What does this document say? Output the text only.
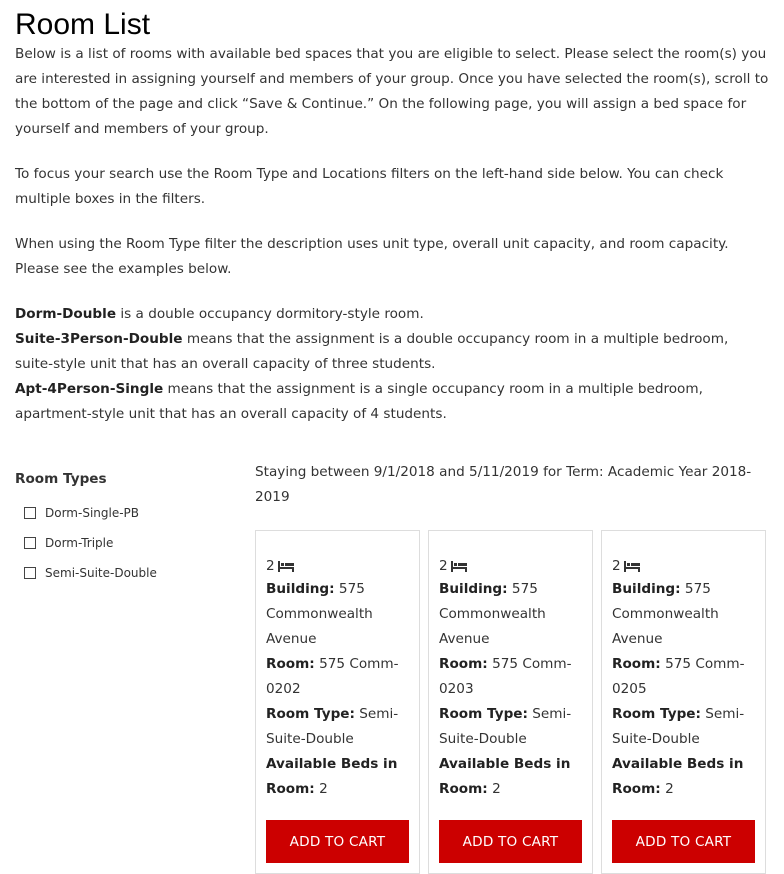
Room List

Below is a list of rooms with available bed spaces that you are eligible to select. Please select the room(s) you are interested in assigning yourself and members of your group. Once you have selected the room(s), scroll to the bottom of the page and click “Save & Continue.” On the following page, you will assign a bed space for yourself and members of your group.

To focus your search use the Room Type and Locations filters on the left-hand side below. You can check multiple boxes in the filters.

When using the Room Type filter the description uses unit type, overall unit capacity, and room capacity. Please see the examples below.

Dorm-Double is a double occupancy dormitory-style room.

Suite-3Person-Double means that the assignment is a double occupancy room in a multiple bedroom, suite-style unit that has an overall capacity of three students.

Apt-4Person-Single means that the assignment is a single occupancy room in a multiple bedroom, apartment-style unit that has an overall capacity of 4 students.

Room Types
Dorm-Single-PB
Dorm-Triple
Semi-Suite-Double
Staying between 9/1/2018 and 5/11/2019 for Term: Academic Year 2018-2019
2
Building: 575 Commonwealth Avenue
Room: 575 Comm-0202
Room Type: Semi-Suite-Double
Available Beds in Room: 2
ADD TO CART
2
Building: 575 Commonwealth Avenue
Room: 575 Comm-0203
Room Type: Semi-Suite-Double
Available Beds in Room: 2
ADD TO CART
2
Building: 575 Commonwealth Avenue
Room: 575 Comm-0205
Room Type: Semi-Suite-Double
Available Beds in Room: 2
ADD TO CART
